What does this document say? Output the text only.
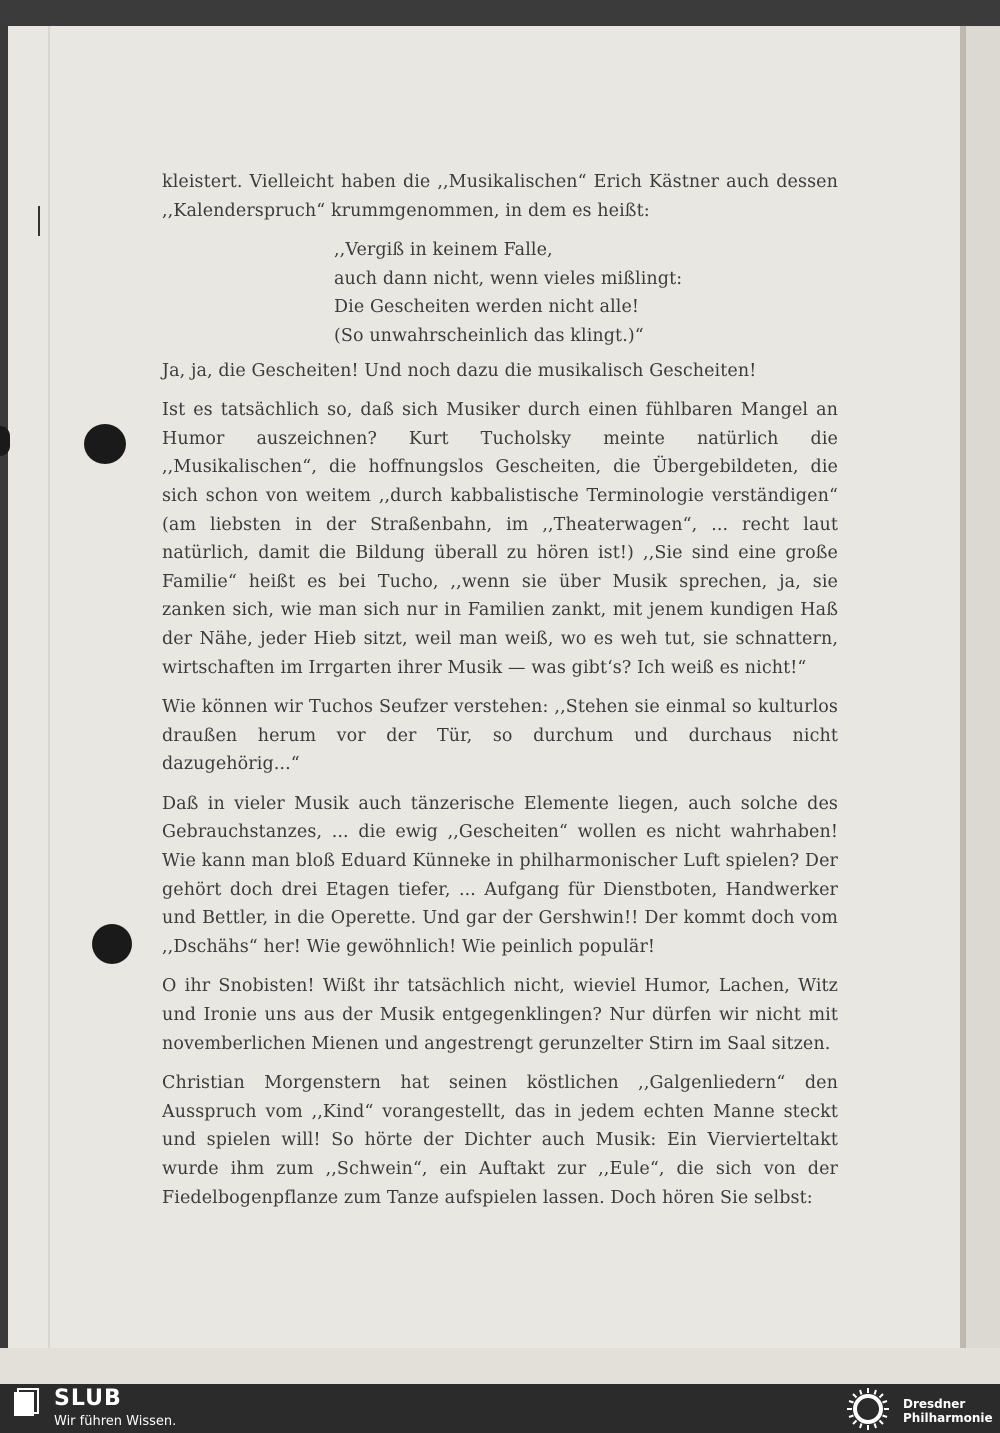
kleistert. Vielleicht haben die ,,Musikalischen“ Erich Kästner auch dessen ,,Kalenderspruch“ krummgenommen, in dem es heißt:

,,Vergiß in keinem Falle,
auch dann nicht, wenn vieles mißlingt:
Die Gescheiten werden nicht alle!
(So unwahrscheinlich das klingt.)“

Ja, ja, die Gescheiten! Und noch dazu die musikalisch Gescheiten!

Ist es tatsächlich so, daß sich Musiker durch einen fühlbaren Mangel an Humor auszeichnen? Kurt Tucholsky meinte natürlich die ,,Musikalischen“, die hoffnungslos Gescheiten, die Übergebildeten, die sich schon von weitem ,,durch kabbalistische Terminologie verständigen“ (am liebsten in der Straßenbahn, im ,,Theaterwagen“, ... recht laut natürlich, damit die Bildung überall zu hören ist!) ,,Sie sind eine große Familie“ heißt es bei Tucho, ,,wenn sie über Musik sprechen, ja, sie zanken sich, wie man sich nur in Familien zankt, mit jenem kundigen Haß der Nähe, jeder Hieb sitzt, weil man weiß, wo es weh tut, sie schnattern, wirtschaften im Irrgarten ihrer Musik — was gibt‘s? Ich weiß es nicht!“

Wie können wir Tuchos Seufzer verstehen: ,,Stehen sie einmal so kulturlos draußen herum vor der Tür, so durchum und durchaus nicht dazugehörig...“

Daß in vieler Musik auch tänzerische Elemente liegen, auch solche des Gebrauchstanzes, ... die ewig ,,Gescheiten“ wollen es nicht wahrhaben! Wie kann man bloß Eduard Künneke in philharmonischer Luft spielen? Der gehört doch drei Etagen tiefer, ... Aufgang für Dienstboten, Handwerker und Bettler, in die Operette. Und gar der Gershwin!! Der kommt doch vom ,,Dschähs“ her! Wie gewöhnlich! Wie peinlich populär!

O ihr Snobisten! Wißt ihr tatsächlich nicht, wieviel Humor, Lachen, Witz und Ironie uns aus der Musik entgegenklingen? Nur dürfen wir nicht mit novemberlichen Mienen und angestrengt gerunzelter Stirn im Saal sitzen.

Christian Morgenstern hat seinen köstlichen ,,Galgenliedern“ den Ausspruch vom ,,Kind“ vorangestellt, das in jedem echten Manne steckt und spielen will! So hörte der Dichter auch Musik: Ein Viervierteltakt wurde ihm zum ,,Schwein“, ein Auftakt zur ,,Eule“, die sich von der Fiedelbogenpflanze zum Tanze aufspielen lassen. Doch hören Sie selbst:

SLUB
Wir führen Wissen.
Dresdner
Philharmonie
